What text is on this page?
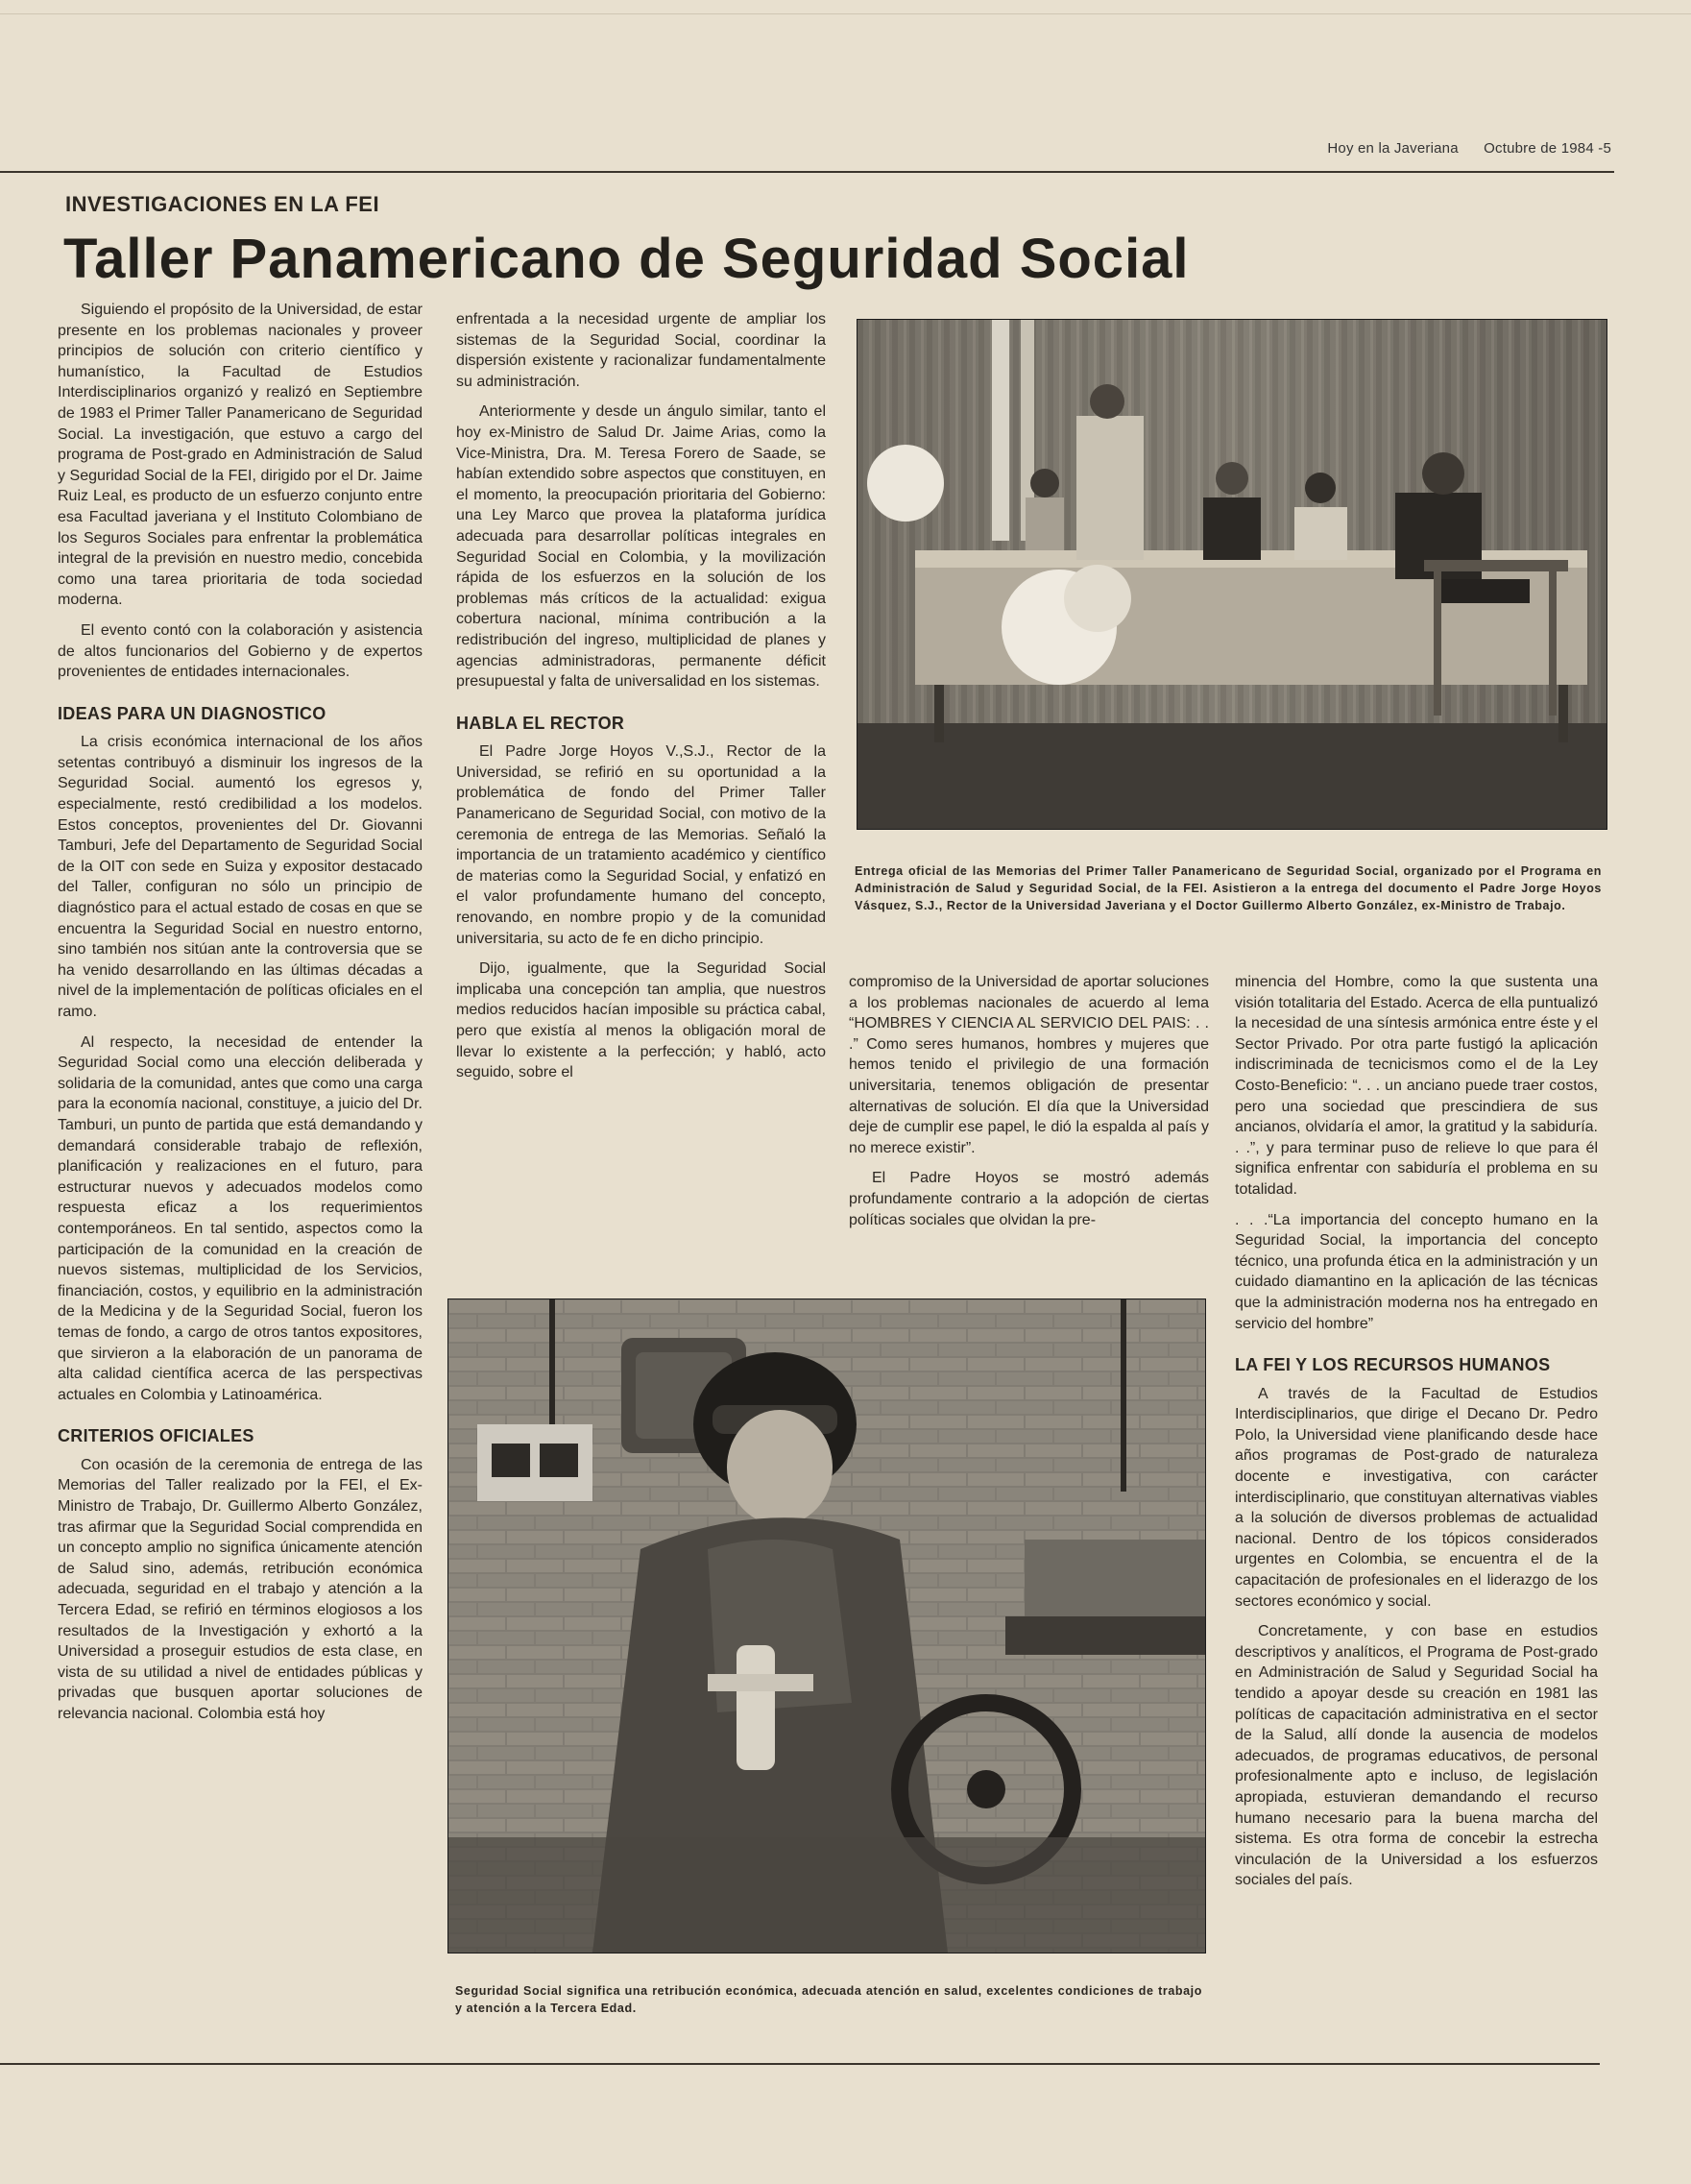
Hoy en la Javeriana Octubre de 1984 -5
INVESTIGACIONES EN LA FEI
Taller Panamericano de Seguridad Social

Siguiendo el propósito de la Universidad, de estar presente en los problemas nacionales y proveer principios de solución con criterio científico y humanístico, la Facultad de Estudios Interdisciplinarios organizó y realizó en Septiembre de 1983 el Primer Taller Panamericano de Seguridad Social. La investigación, que estuvo a cargo del programa de Post-grado en Administración de Salud y Seguridad Social de la FEI, dirigido por el Dr. Jaime Ruiz Leal, es producto de un esfuerzo conjunto entre esa Facultad javeriana y el Instituto Colombiano de los Seguros Sociales para enfrentar la problemática integral de la previsión en nuestro medio, concebida como una tarea prioritaria de toda sociedad moderna.

El evento contó con la colaboración y asistencia de altos funcionarios del Gobierno y de expertos provenientes de entidades internacionales.

IDEAS PARA UN DIAGNOSTICO

La crisis económica internacional de los años setentas contribuyó a disminuir los ingresos de la Seguridad Social. aumentó los egresos y, especialmente, restó credibilidad a los modelos. Estos conceptos, provenientes del Dr. Giovanni Tamburi, Jefe del Departamento de Seguridad Social de la OIT con sede en Suiza y expositor destacado del Taller, configuran no sólo un principio de diagnóstico para el actual estado de cosas en que se encuentra la Seguridad Social en nuestro entorno, sino también nos sitúan ante la controversia que se ha venido desarrollando en las últimas décadas a nivel de la implementación de políticas oficiales en el ramo.

Al respecto, la necesidad de entender la Seguridad Social como una elección deliberada y solidaria de la comunidad, antes que como una carga para la economía nacional, constituye, a juicio del Dr. Tamburi, un punto de partida que está demandando y demandará considerable trabajo de reflexión, planificación y realizaciones en el futuro, para estructurar nuevos y adecuados modelos como respuesta eficaz a los requerimientos contemporáneos. En tal sentido, aspectos como la participación de la comunidad en la creación de nuevos sistemas, multiplicidad de los Servicios, financiación, costos, y equilibrio en la administración de la Medicina y de la Seguridad Social, fueron los temas de fondo, a cargo de otros tantos expositores, que sirvieron a la elaboración de un panorama de alta calidad científica acerca de las perspectivas actuales en Colombia y Latinoamérica.

CRITERIOS OFICIALES

Con ocasión de la ceremonia de entrega de las Memorias del Taller realizado por la FEI, el Ex-Ministro de Trabajo, Dr. Guillermo Alberto González, tras afirmar que la Seguridad Social comprendida en un concepto amplio no significa únicamente atención de Salud sino, además, retribución económica adecuada, seguridad en el trabajo y atención a la Tercera Edad, se refirió en términos elogiosos a los resultados de la Investigación y exhortó a la Universidad a proseguir estudios de esta clase, en vista de su utilidad a nivel de entidades públicas y privadas que busquen aportar soluciones de relevancia nacional. Colombia está hoy

enfrentada a la necesidad urgente de ampliar los sistemas de la Seguridad Social, coordinar la dispersión existente y racionalizar fundamentalmente su administración.

Anteriormente y desde un ángulo similar, tanto el hoy ex-Ministro de Salud Dr. Jaime Arias, como la Vice-Ministra, Dra. M. Teresa Forero de Saade, se habían extendido sobre aspectos que constituyen, en el momento, la preocupación prioritaria del Gobierno: una Ley Marco que provea la plataforma jurídica adecuada para desarrollar políticas integrales en Seguridad Social en Colombia, y la movilización rápida de los esfuerzos en la solución de los problemas más críticos de la actualidad: exigua cobertura nacional, mínima contribución a la redistribución del ingreso, multiplicidad de planes y agencias administradoras, permanente déficit presupuestal y falta de universalidad en los sistemas.

HABLA EL RECTOR

El Padre Jorge Hoyos V.,S.J., Rector de la Universidad, se refirió en su oportunidad a la problemática de fondo del Primer Taller Panamericano de Seguridad Social, con motivo de la ceremonia de entrega de las Memorias. Señaló la importancia de un tratamiento académico y científico de materias como la Seguridad Social, y enfatizó en el valor profundamente humano del concepto, renovando, en nombre propio y de la comunidad universitaria, su acto de fe en dicho principio.

Dijo, igualmente, que la Seguridad Social implicaba una concepción tan amplia, que nuestros medios reducidos hacían imposible su práctica cabal, pero que existía al menos la obligación moral de llevar lo existente a la perfección; y habló, acto seguido, sobre el

Entrega oficial de las Memorias del Primer Taller Panamericano de Seguridad Social, organizado por el Programa en Administración de Salud y Seguridad Social, de la FEI. Asistieron a la entrega del documento el Padre Jorge Hoyos Vásquez, S.J., Rector de la Universidad Javeriana y el Doctor Guillermo Alberto González, ex-Ministro de Trabajo.

compromiso de la Universidad de aportar soluciones a los problemas nacionales de acuerdo al lema “HOMBRES Y CIENCIA AL SERVICIO DEL PAIS: . . .” Como seres humanos, hombres y mujeres que hemos tenido el privilegio de una formación universitaria, tenemos obligación de presentar alternativas de solución. El día que la Universidad deje de cumplir ese papel, le dió la espalda al país y no merece existir”.

El Padre Hoyos se mostró además profundamente contrario a la adopción de ciertas políticas sociales que olvidan la pre-

minencia del Hombre, como la que sustenta una visión totalitaria del Estado. Acerca de ella puntualizó la necesidad de una síntesis armónica entre éste y el Sector Privado. Por otra parte fustigó la aplicación indiscriminada de tecnicismos como el de la Ley Costo-Beneficio: “. . . un anciano puede traer costos, pero una sociedad que prescindiera de sus ancianos, olvidaría el amor, la gratitud y la sabiduría. . .”, y para terminar puso de relieve lo que para él significa enfrentar con sabiduría el problema en su totalidad.

. . .“La importancia del concepto humano en la Seguridad Social, la importancia del concepto técnico, una profunda ética en la administración y un cuidado diamantino en la aplicación de las técnicas que la administración moderna nos ha entregado en servicio del hombre”

LA FEI Y LOS RECURSOS HUMANOS

A través de la Facultad de Estudios Interdisciplinarios, que dirige el Decano Dr. Pedro Polo, la Universidad viene planificando desde hace años programas de Post-grado de naturaleza docente e investigativa, con carácter interdisciplinario, que constituyan alternativas viables a la solución de diversos problemas de actualidad nacional. Dentro de los tópicos considerados urgentes en Colombia, se encuentra el de la capacitación de profesionales en el liderazgo de los sectores económico y social.

Concretamente, y con base en estudios descriptivos y analíticos, el Programa de Post-grado en Administración de Salud y Seguridad Social ha tendido a apoyar desde su creación en 1981 las políticas de capacitación administrativa en el sector de la Salud, allí donde la ausencia de modelos adecuados, de programas educativos, de personal profesionalmente apto e incluso, de legislación apropiada, estuvieran demandando el recurso humano necesario para la buena marcha del sistema. Es otra forma de concebir la estrecha vinculación de la Universidad a los esfuerzos sociales del país.

Seguridad Social significa una retribución económica, adecuada atención en salud, excelentes condiciones de trabajo y atención a la Tercera Edad.
